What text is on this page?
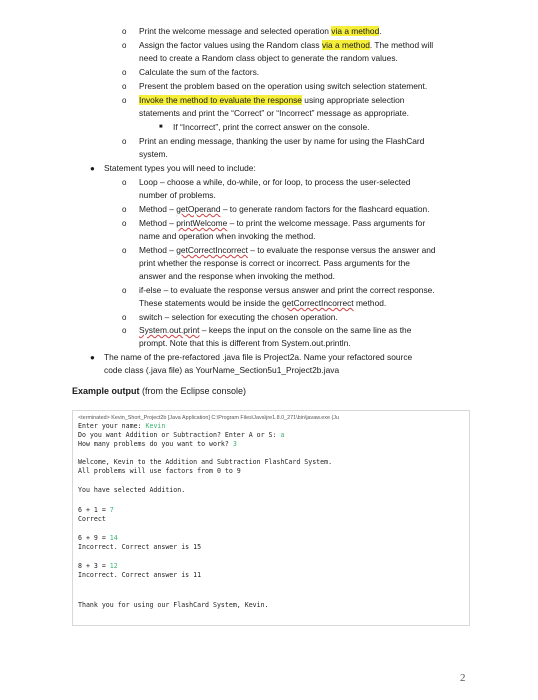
o Print the welcome message and selected operation via a method.
o Assign the factor values using the Random class via a method. The method will
need to create a Random class object to generate the random values.
o Calculate the sum of the factors.
o Present the problem based on the operation using switch selection statement.
o Invoke the method to evaluate the response using appropriate selection
statements and print the “Correct” or “Incorrect” message as appropriate.
■ If “Incorrect”, print the correct answer on the console.
o Print an ending message, thanking the user by name for using the FlashCard
system.
● Statement types you will need to include:
o Loop – choose a while, do-while, or for loop, to process the user-selected
number of problems.
o Method – getOperand – to generate random factors for the flashcard equation.
o Method – printWelcome – to print the welcome message. Pass arguments for
name and operation when invoking the method.
o Method – getCorrectIncorrect – to evaluate the response versus the answer and
print whether the response is correct or incorrect. Pass arguments for the
answer and the response when invoking the method.
o if-else – to evaluate the response versus answer and print the correct response.
These statements would be inside the getCorrectIncorrect method.
o switch – selection for executing the chosen operation.
o System.out.print – keeps the input on the console on the same line as the
prompt. Note that this is different from System.out.println.
● The name of the pre-refactored .java file is Project2a. Name your refactored source
code class (.java file) as YourName_Section5u1_Project2b.java
Example output (from the Eclipse console)
<terminated> Kevin_Short_Project2b [Java Application] C:\Program Files\Java\jre1.8.0_271\bin\javaw.exe (Ju
Enter your name: Kevin
Do you want Addition or Subtraction? Enter A or S: a
How many problems do you want to work? 3
Welcome, Kevin to the Addition and Subtraction FlashCard System.
All problems will use factors from 0 to 9
You have selected Addition.
6 + 1 = 7
Correct
6 + 9 = 14
Incorrect. Correct answer is 15
8 + 3 = 12
Incorrect. Correct answer is 11
Thank you for using our FlashCard System, Kevin.
2
